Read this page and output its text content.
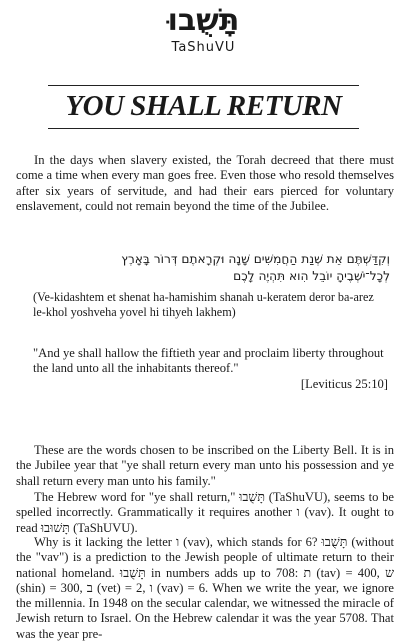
תָּשֻׁבוּ
TaShuVU
YOU SHALL RETURN

In the days when slavery existed, the Torah decreed that there must come a time when every man goes free. Even those who resold themselves after six years of servitude, and had their ears pierced for voluntary enslavement, could not remain beyond the time of the Jubilee.

וְקִדַּשְׁתֶּם אֵת שְׁנַת הַחֲמִשִּׁים שָׁנָה וּקְרָאתֶם דְּרוֹר בָּאָרֶץ
לְכָל־יֹשְׁבֶיהָ יוֹבֵל הִוא תִּהְיֶה לָכֶם

(Ve-kidashtem et shenat ha-hamishim shanah u-keratem deror ba-arez le-khol yoshveha yovel hi tihyeh lakhem)

"And ye shall hallow the fiftieth year and proclaim liberty throughout the land unto all the inhabitants thereof."

[Leviticus 25:10]

These are the words chosen to be inscribed on the Liberty Bell. It is in the Jubilee year that "ye shall return every man unto his possession and ye shall return every man unto his family."

The Hebrew word for "ye shall return," תָּשֻׁבוּ (TaShuVU), seems to be spelled incorrectly. Grammatically it requires another ו (vav). It ought to read תָּשׁוּבוּ (TaShUVU).

Why is it lacking the letter ו (vav), which stands for 6? תָּשֻׁבוּ (without the "vav") is a prediction to the Jewish people of ultimate return to their national homeland. תָּשֻׁבוּ in numbers adds up to 708: ת (tav) = 400, ש (shin) = 300, ב (vet) = 2, ו (vav) = 6. When we write the year, we ignore the millennia. In 1948 on the secular calendar, we witnessed the miracle of Jewish return to Israel. On the Hebrew calendar it was the year 5708. That was the year pre-
